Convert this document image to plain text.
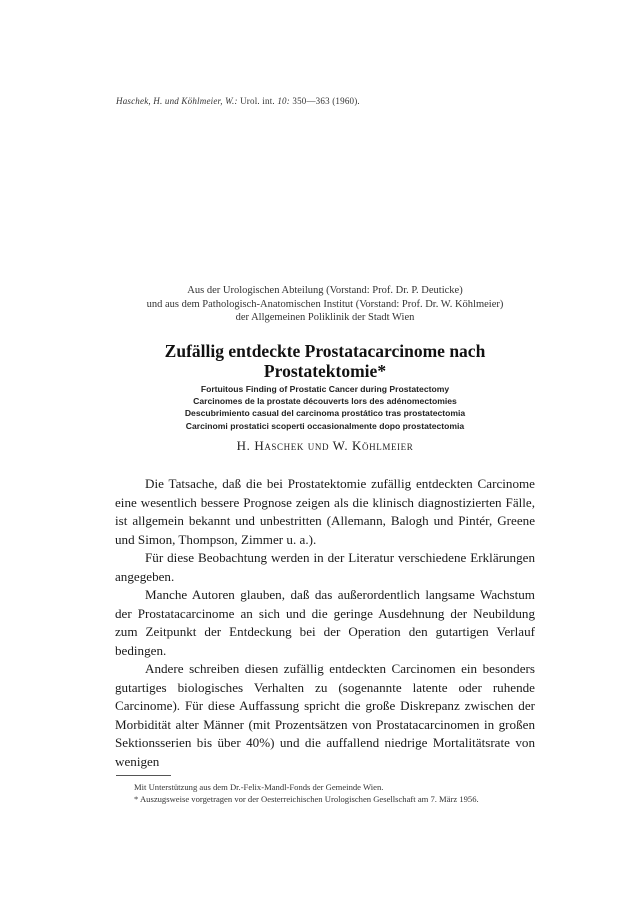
Haschek, H. und Köhlmeier, W.: Urol. int. 10: 350—363 (1960).
Aus der Urologischen Abteilung (Vorstand: Prof. Dr. P. Deuticke)
und aus dem Pathologisch-Anatomischen Institut (Vorstand: Prof. Dr. W. Köhlmeier)
der Allgemeinen Poliklinik der Stadt Wien
Zufällig entdeckte Prostatacarcinome nach
Prostatektomie*
Fortuitous Finding of Prostatic Cancer during Prostatectomy
Carcinomes de la prostate découverts lors des adénomectomies
Descubrimiento casual del carcinoma prostático tras prostatectomia
Carcinomi prostatici scoperti occasionalmente dopo prostatectomia
H. Haschek und W. Köhlmeier

Die Tatsache, daß die bei Prostatektomie zufällig entdeckten Carcinome eine wesentlich bessere Prognose zeigen als die klinisch diagnostizierten Fälle, ist allgemein bekannt und unbestritten (Allemann, Balogh und Pintér, Greene und Simon, Thompson, Zimmer u. a.).

Für diese Beobachtung werden in der Literatur verschiedene Erklärungen angegeben.

Manche Autoren glauben, daß das außerordentlich langsame Wachstum der Prostatacarcinome an sich und die geringe Ausdehnung der Neubildung zum Zeitpunkt der Entdeckung bei der Operation den gutartigen Verlauf bedingen.

Andere schreiben diesen zufällig entdeckten Carcinomen ein besonders gutartiges biologisches Verhalten zu (sogenannte latente oder ruhende Carcinome). Für diese Auffassung spricht die große Diskrepanz zwischen der Morbidität alter Männer (mit Prozentsätzen von Prostatacarcinomen in großen Sektionsserien bis über 40%) und die auffallend niedrige Mortalitätsrate von wenigen

Mit Unterstützung aus dem Dr.-Felix-Mandl-Fonds der Gemeinde Wien.

* Auszugsweise vorgetragen vor der Oesterreichischen Urologischen Gesellschaft am 7. März 1956.
